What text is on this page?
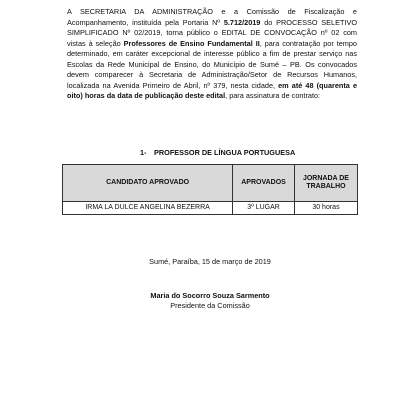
A SECRETARIA DA ADMINISTRAÇÃO e a Comissão de Fiscalização e Acompanhamento, instituída pela Portaria Nº 5.712/2019 do PROCESSO SELETIVO SIMPLIFICADO Nº 02/2019, torna público o EDITAL DE CONVOCAÇÃO nº 02 com vistas à seleção Professores de Ensino Fundamental II, para contratação por tempo determinado, em caráter excepcional de interesse público a fim de prestar serviço nas Escolas da Rede Municipal de Ensino, do Município de Sumé – PB. Os convocados devem comparecer à Secretaria de Administração/Setor de Recursos Humanos, localizada na Avenida Primeiro de Abril, nº 379, nesta cidade, em até 48 (quarenta e oito) horas da data de publicação deste edital, para assinatura de contrato:

1- PROFESSOR DE LÍNGUA PORTUGUESA
CANDIDATO APROVADO	APROVADOS	JORNADA DE TRABALHO
IRMA LA DULCE ANGELINA BEZERRA	3º LUGAR	30 horas
Sumé, Paraíba, 15 de março de 2019
Maria do Socorro Souza Sarmento
Presidente da Comissão
